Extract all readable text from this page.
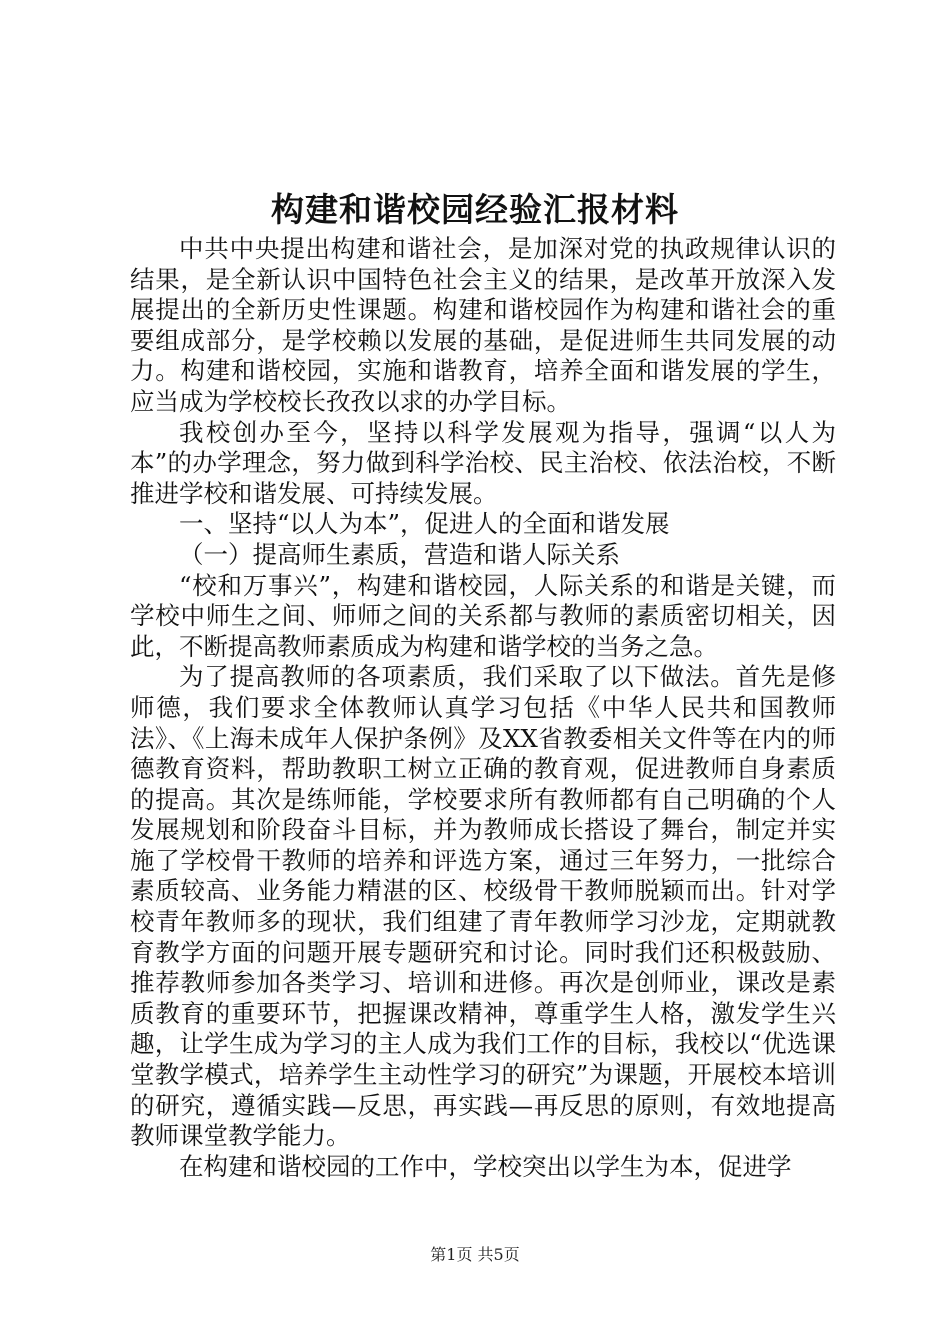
构建和谐校园经验汇报材料

中共中央提出构建和谐社会，是加深对党的执政规律认识的结果，是全新认识中国特色社会主义的结果，是改革开放深入发展提出的全新历史性课题。构建和谐校园作为构建和谐社会的重要组成部分，是学校赖以发展的基础，是促进师生共同发展的动力。构建和谐校园，实施和谐教育，培养全面和谐发展的学生，应当成为学校校长孜孜以求的办学目标。

我校创办至今，坚持以科学发展观为指导，强调“以人为本”的办学理念，努力做到科学治校、民主治校、依法治校，不断推进学校和谐发展、可持续发展。

一、坚持“以人为本”，促进人的全面和谐发展

（一）提高师生素质，营造和谐人际关系

“校和万事兴”，构建和谐校园，人际关系的和谐是关键，而学校中师生之间、师师之间的关系都与教师的素质密切相关，因此，不断提高教师素质成为构建和谐学校的当务之急。

为了提高教师的各项素质，我们采取了以下做法。首先是修师德，我们要求全体教师认真学习包括《中华人民共和国教师法》、《上海未成年人保护条例》及XX省教委相关文件等在内的师德教育资料，帮助教职工树立正确的教育观，促进教师自身素质的提高。其次是练师能，学校要求所有教师都有自己明确的个人发展规划和阶段奋斗目标，并为教师成长搭设了舞台，制定并实施了学校骨干教师的培养和评选方案，通过三年努力，一批综合素质较高、业务能力精湛的区、校级骨干教师脱颖而出。针对学校青年教师多的现状，我们组建了青年教师学习沙龙，定期就教育教学方面的问题开展专题研究和讨论。同时我们还积极鼓励、推荐教师参加各类学习、培训和进修。再次是创师业，课改是素质教育的重要环节，把握课改精神，尊重学生人格，激发学生兴趣，让学生成为学习的主人成为我们工作的目标，我校以“优选课堂教学模式，培养学生主动性学习的研究”为课题，开展校本培训的研究，遵循实践—反思，再实践—再反思的原则，有效地提高教师课堂教学能力。

在构建和谐校园的工作中，学校突出以学生为本，促进学

第1页 共5页
